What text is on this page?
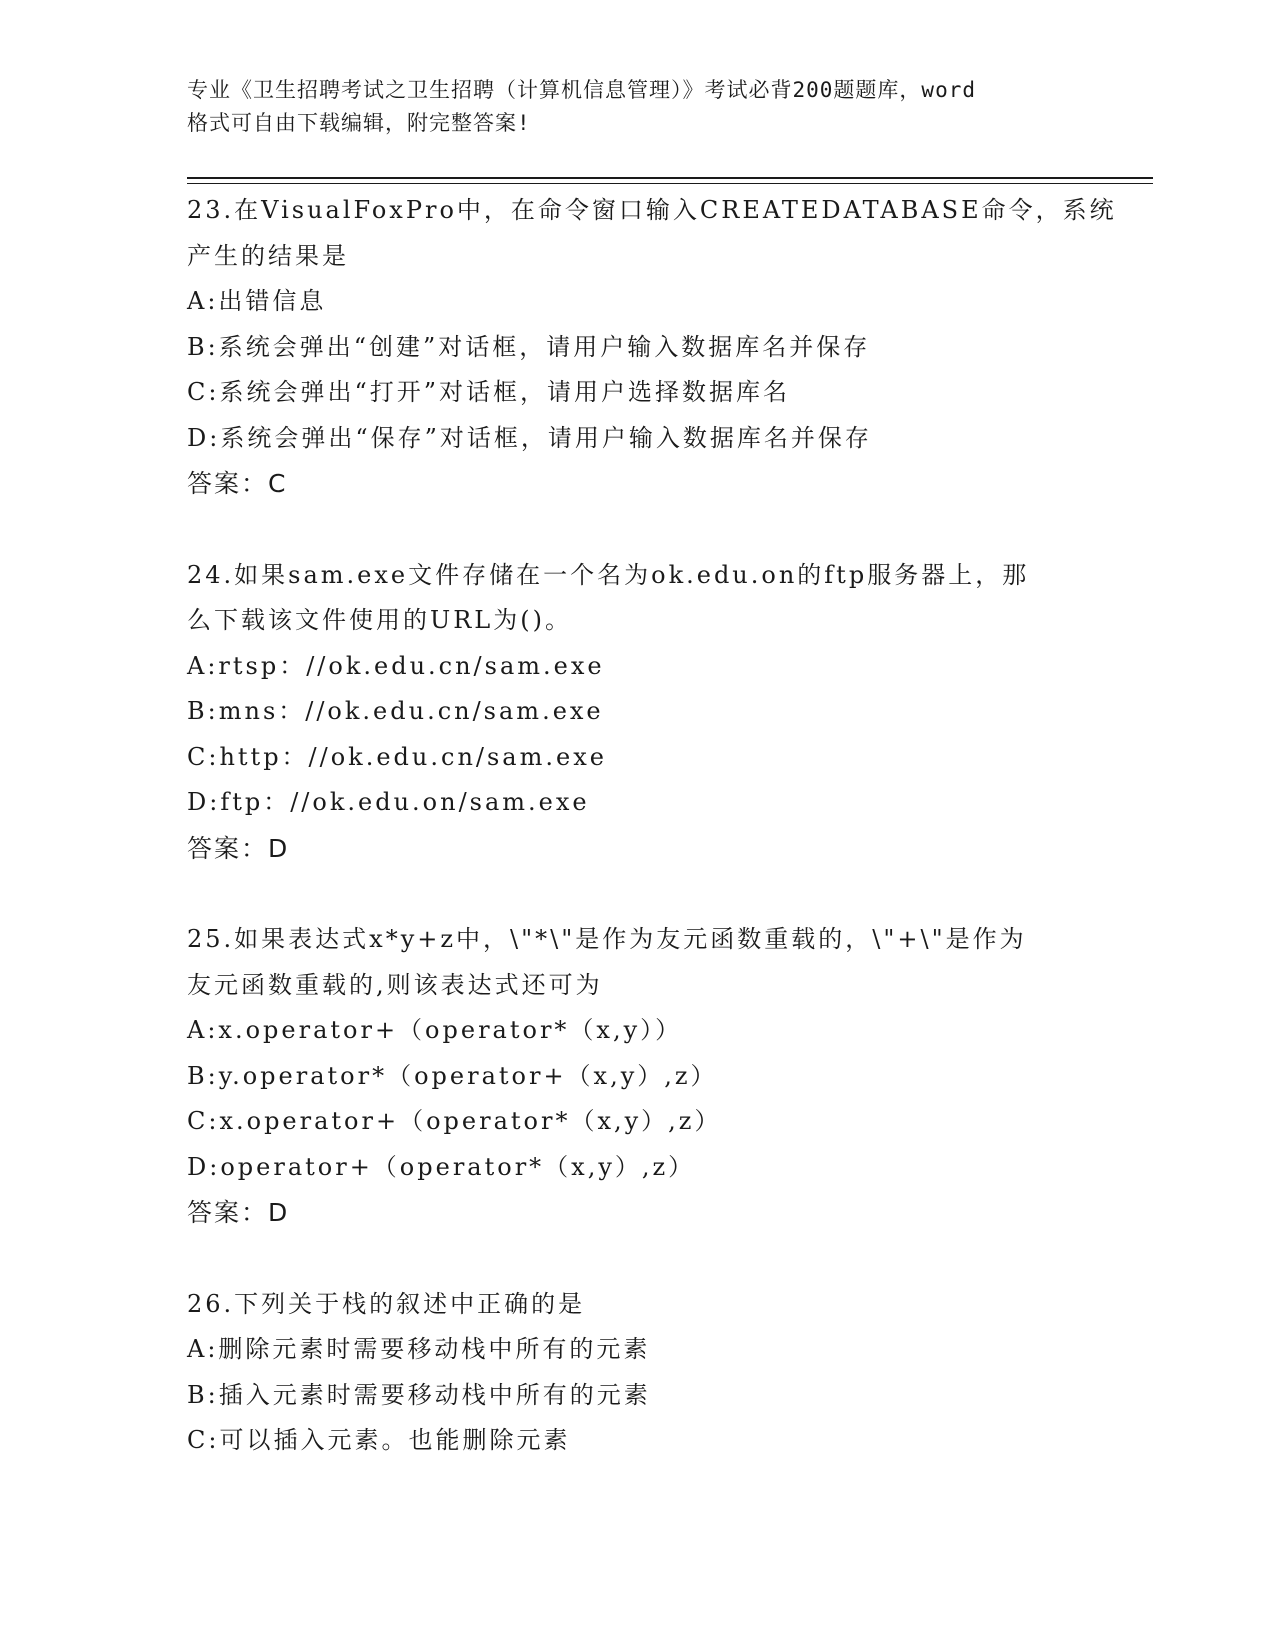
专业《卫生招聘考试之卫生招聘（计算机信息管理）》考试必背200题题库，word
格式可自由下载编辑，附完整答案!
23.在VisualFoxPro中，在命令窗口输入CREATEDATABASE命令，系统
产生的结果是
A:出错信息
B:系统会弹出“创建”对话框，请用户输入数据库名并保存
C:系统会弹出“打开”对话框，请用户选择数据库名
D:系统会弹出“保存”对话框，请用户输入数据库名并保存
答案：C
24.如果sam.exe文件存储在一个名为ok.edu.on的ftp服务器上，那
么下载该文件使用的URL为()。
A:rtsp：//ok.edu.cn/sam.exe
B:mns：//ok.edu.cn/sam.exe
C:http：//ok.edu.cn/sam.exe
D:ftp：//ok.edu.on/sam.exe
答案：D
25.如果表达式x*y+z中，\"*\"是作为友元函数重载的，\"+\"是作为
友元函数重载的,则该表达式还可为
A:x.operator+（operator*（x,y））
B:y.operator*（operator+（x,y）,z）
C:x.operator+（operator*（x,y）,z）
D:operator+（operator*（x,y）,z）
答案：D
26.下列关于栈的叙述中正确的是
A:删除元素时需要移动栈中所有的元素
B:插入元素时需要移动栈中所有的元素
C:可以插入元素。也能删除元素
